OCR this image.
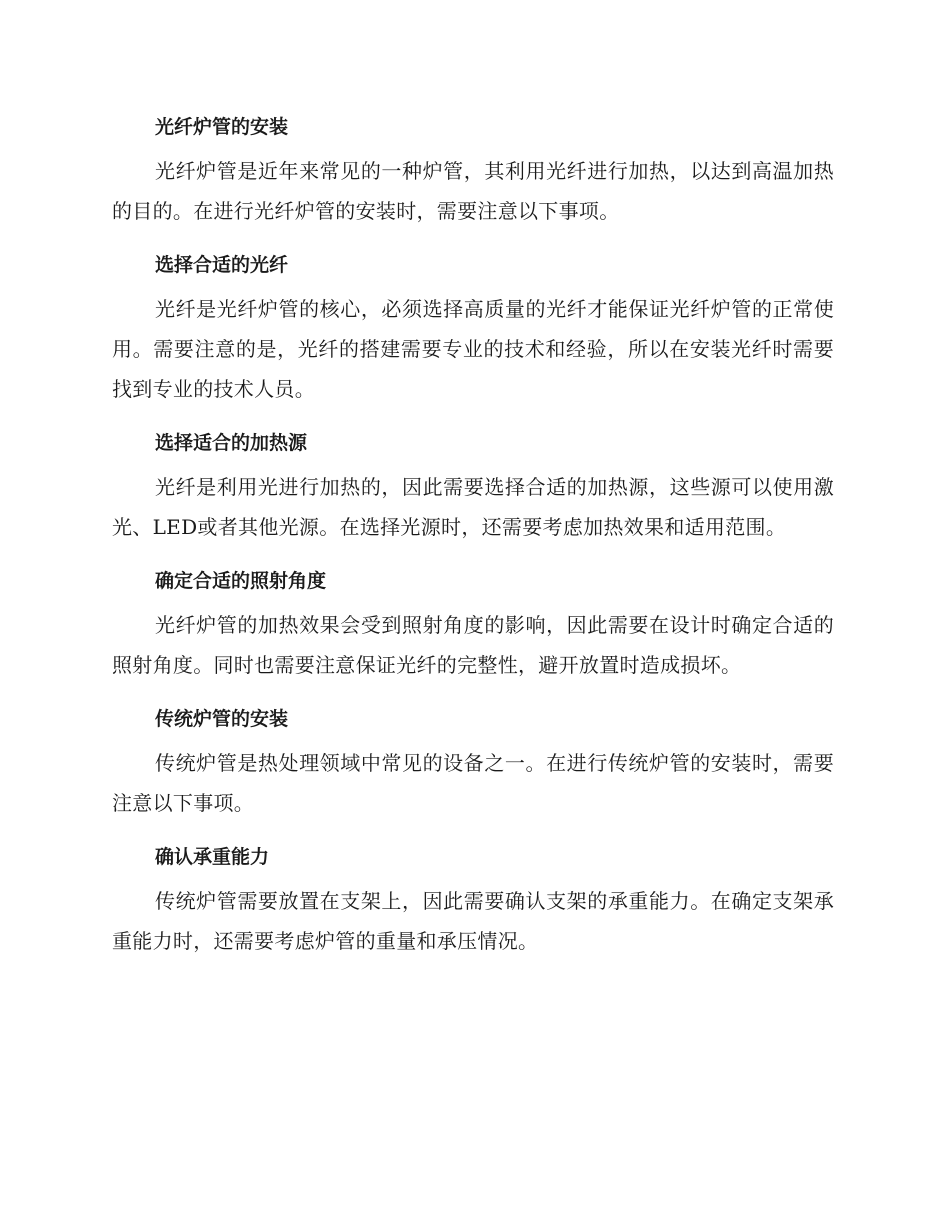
光纤炉管的安装

光纤炉管是近年来常见的一种炉管，其利用光纤进行加热，以达到高温加热的目的。在进行光纤炉管的安装时，需要注意以下事项。

选择合适的光纤

光纤是光纤炉管的核心，必须选择高质量的光纤才能保证光纤炉管的正常使用。需要注意的是，光纤的搭建需要专业的技术和经验，所以在安装光纤时需要找到专业的技术人员。

选择适合的加热源

光纤是利用光进行加热的，因此需要选择合适的加热源，这些源可以使用激光、LED或者其他光源。在选择光源时，还需要考虑加热效果和适用范围。

确定合适的照射角度

光纤炉管的加热效果会受到照射角度的影响，因此需要在设计时确定合适的照射角度。同时也需要注意保证光纤的完整性，避开放置时造成损坏。

传统炉管的安装

传统炉管是热处理领域中常见的设备之一。在进行传统炉管的安装时，需要注意以下事项。

确认承重能力

传统炉管需要放置在支架上，因此需要确认支架的承重能力。在确定支架承重能力时，还需要考虑炉管的重量和承压情况。
